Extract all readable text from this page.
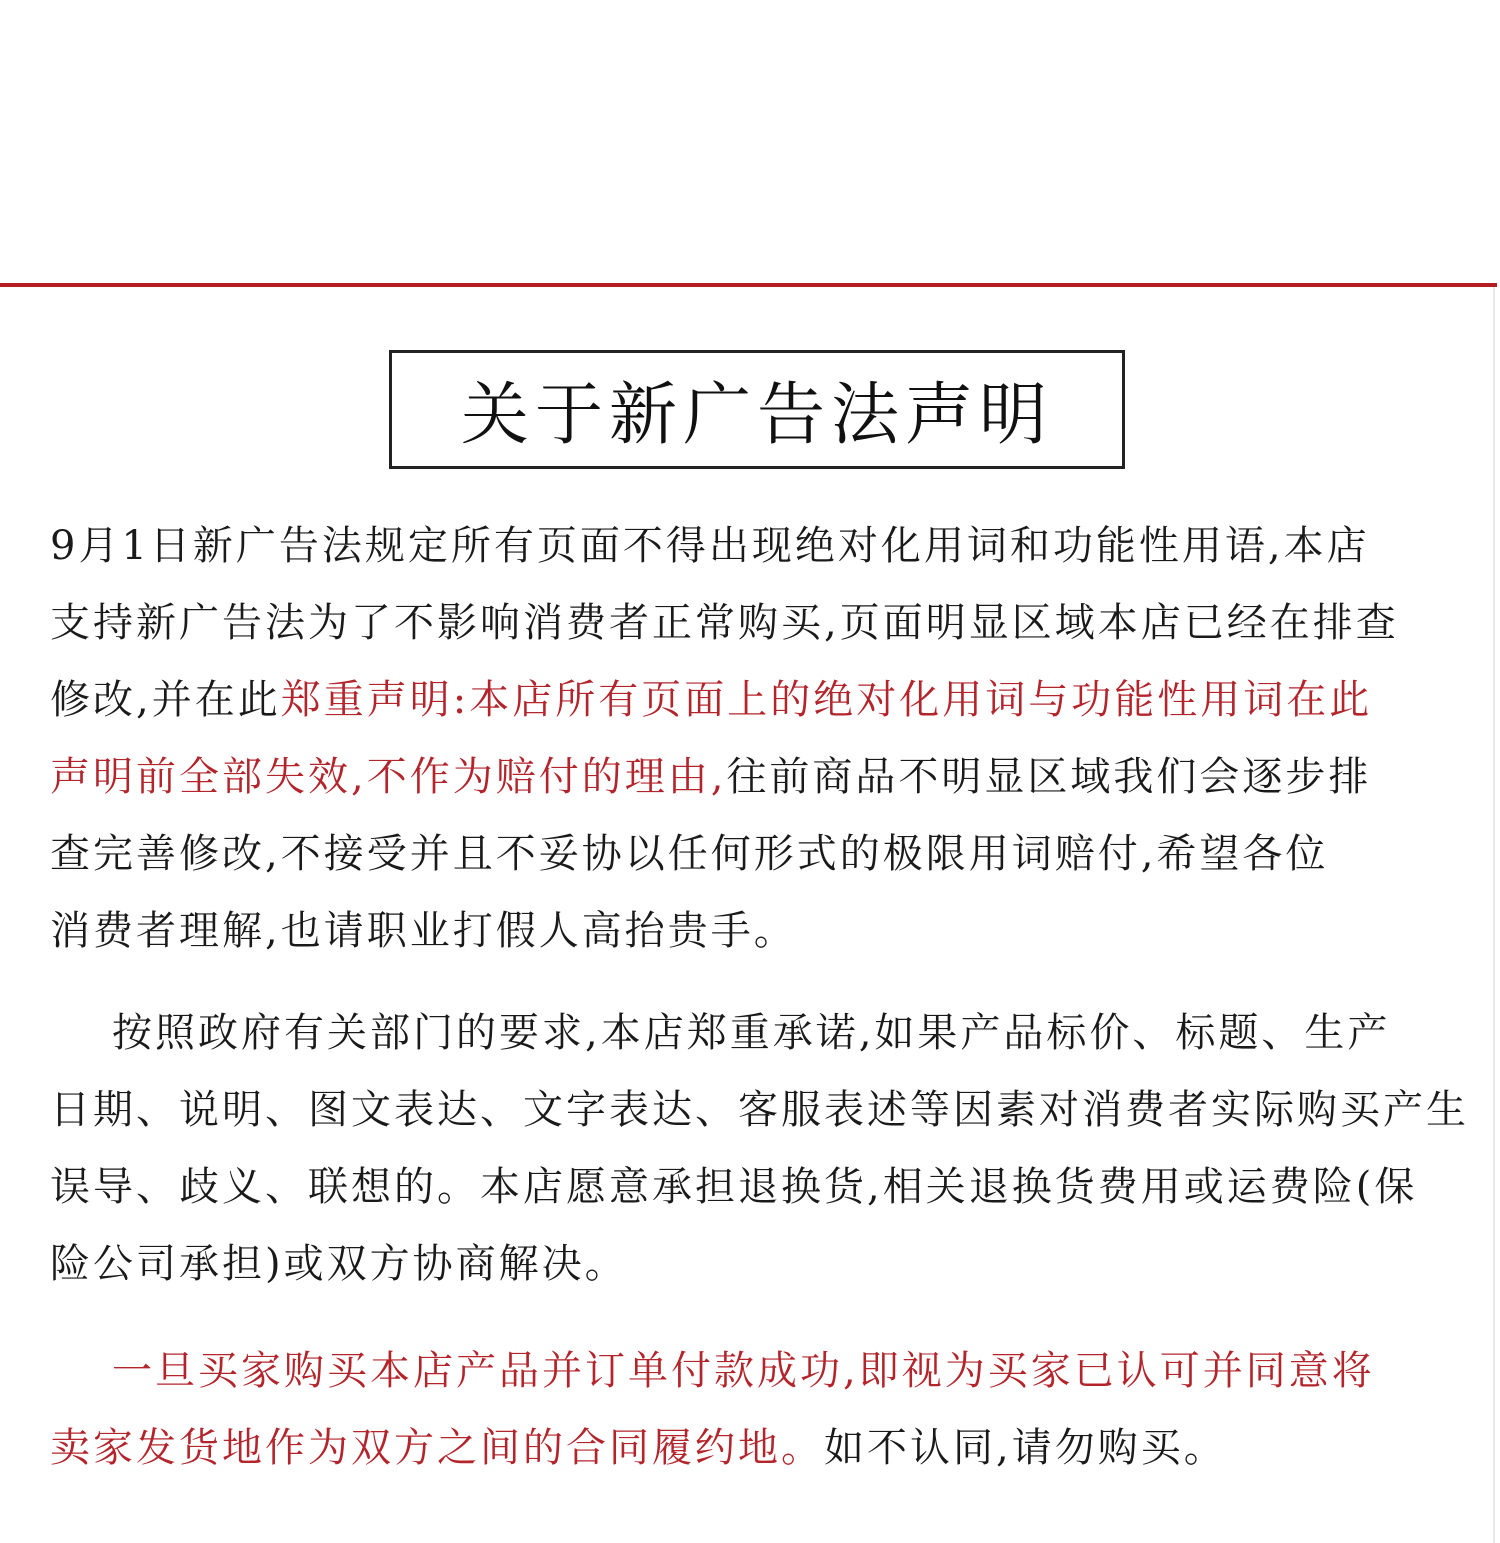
关于新广告法声明
9月1日新广告法规定所有页面不得出现绝对化用词和功能性用语,本店
支持新广告法为了不影响消费者正常购买,页面明显区域本店已经在排查
修改,并在此郑重声明:本店所有页面上的绝对化用词与功能性用词在此
声明前全部失效,不作为赔付的理由,往前商品不明显区域我们会逐步排
查完善修改,不接受并且不妥协以任何形式的极限用词赔付,希望各位
消费者理解,也请职业打假人高抬贵手。
按照政府有关部门的要求,本店郑重承诺,如果产品标价、标题、生产
日期、说明、图文表达、文字表达、客服表述等因素对消费者实际购买产生
误导、歧义、联想的。本店愿意承担退换货,相关退换货费用或运费险(保
险公司承担)或双方协商解决。
一旦买家购买本店产品并订单付款成功,即视为买家已认可并同意将
卖家发货地作为双方之间的合同履约地。如不认同,请勿购买。
